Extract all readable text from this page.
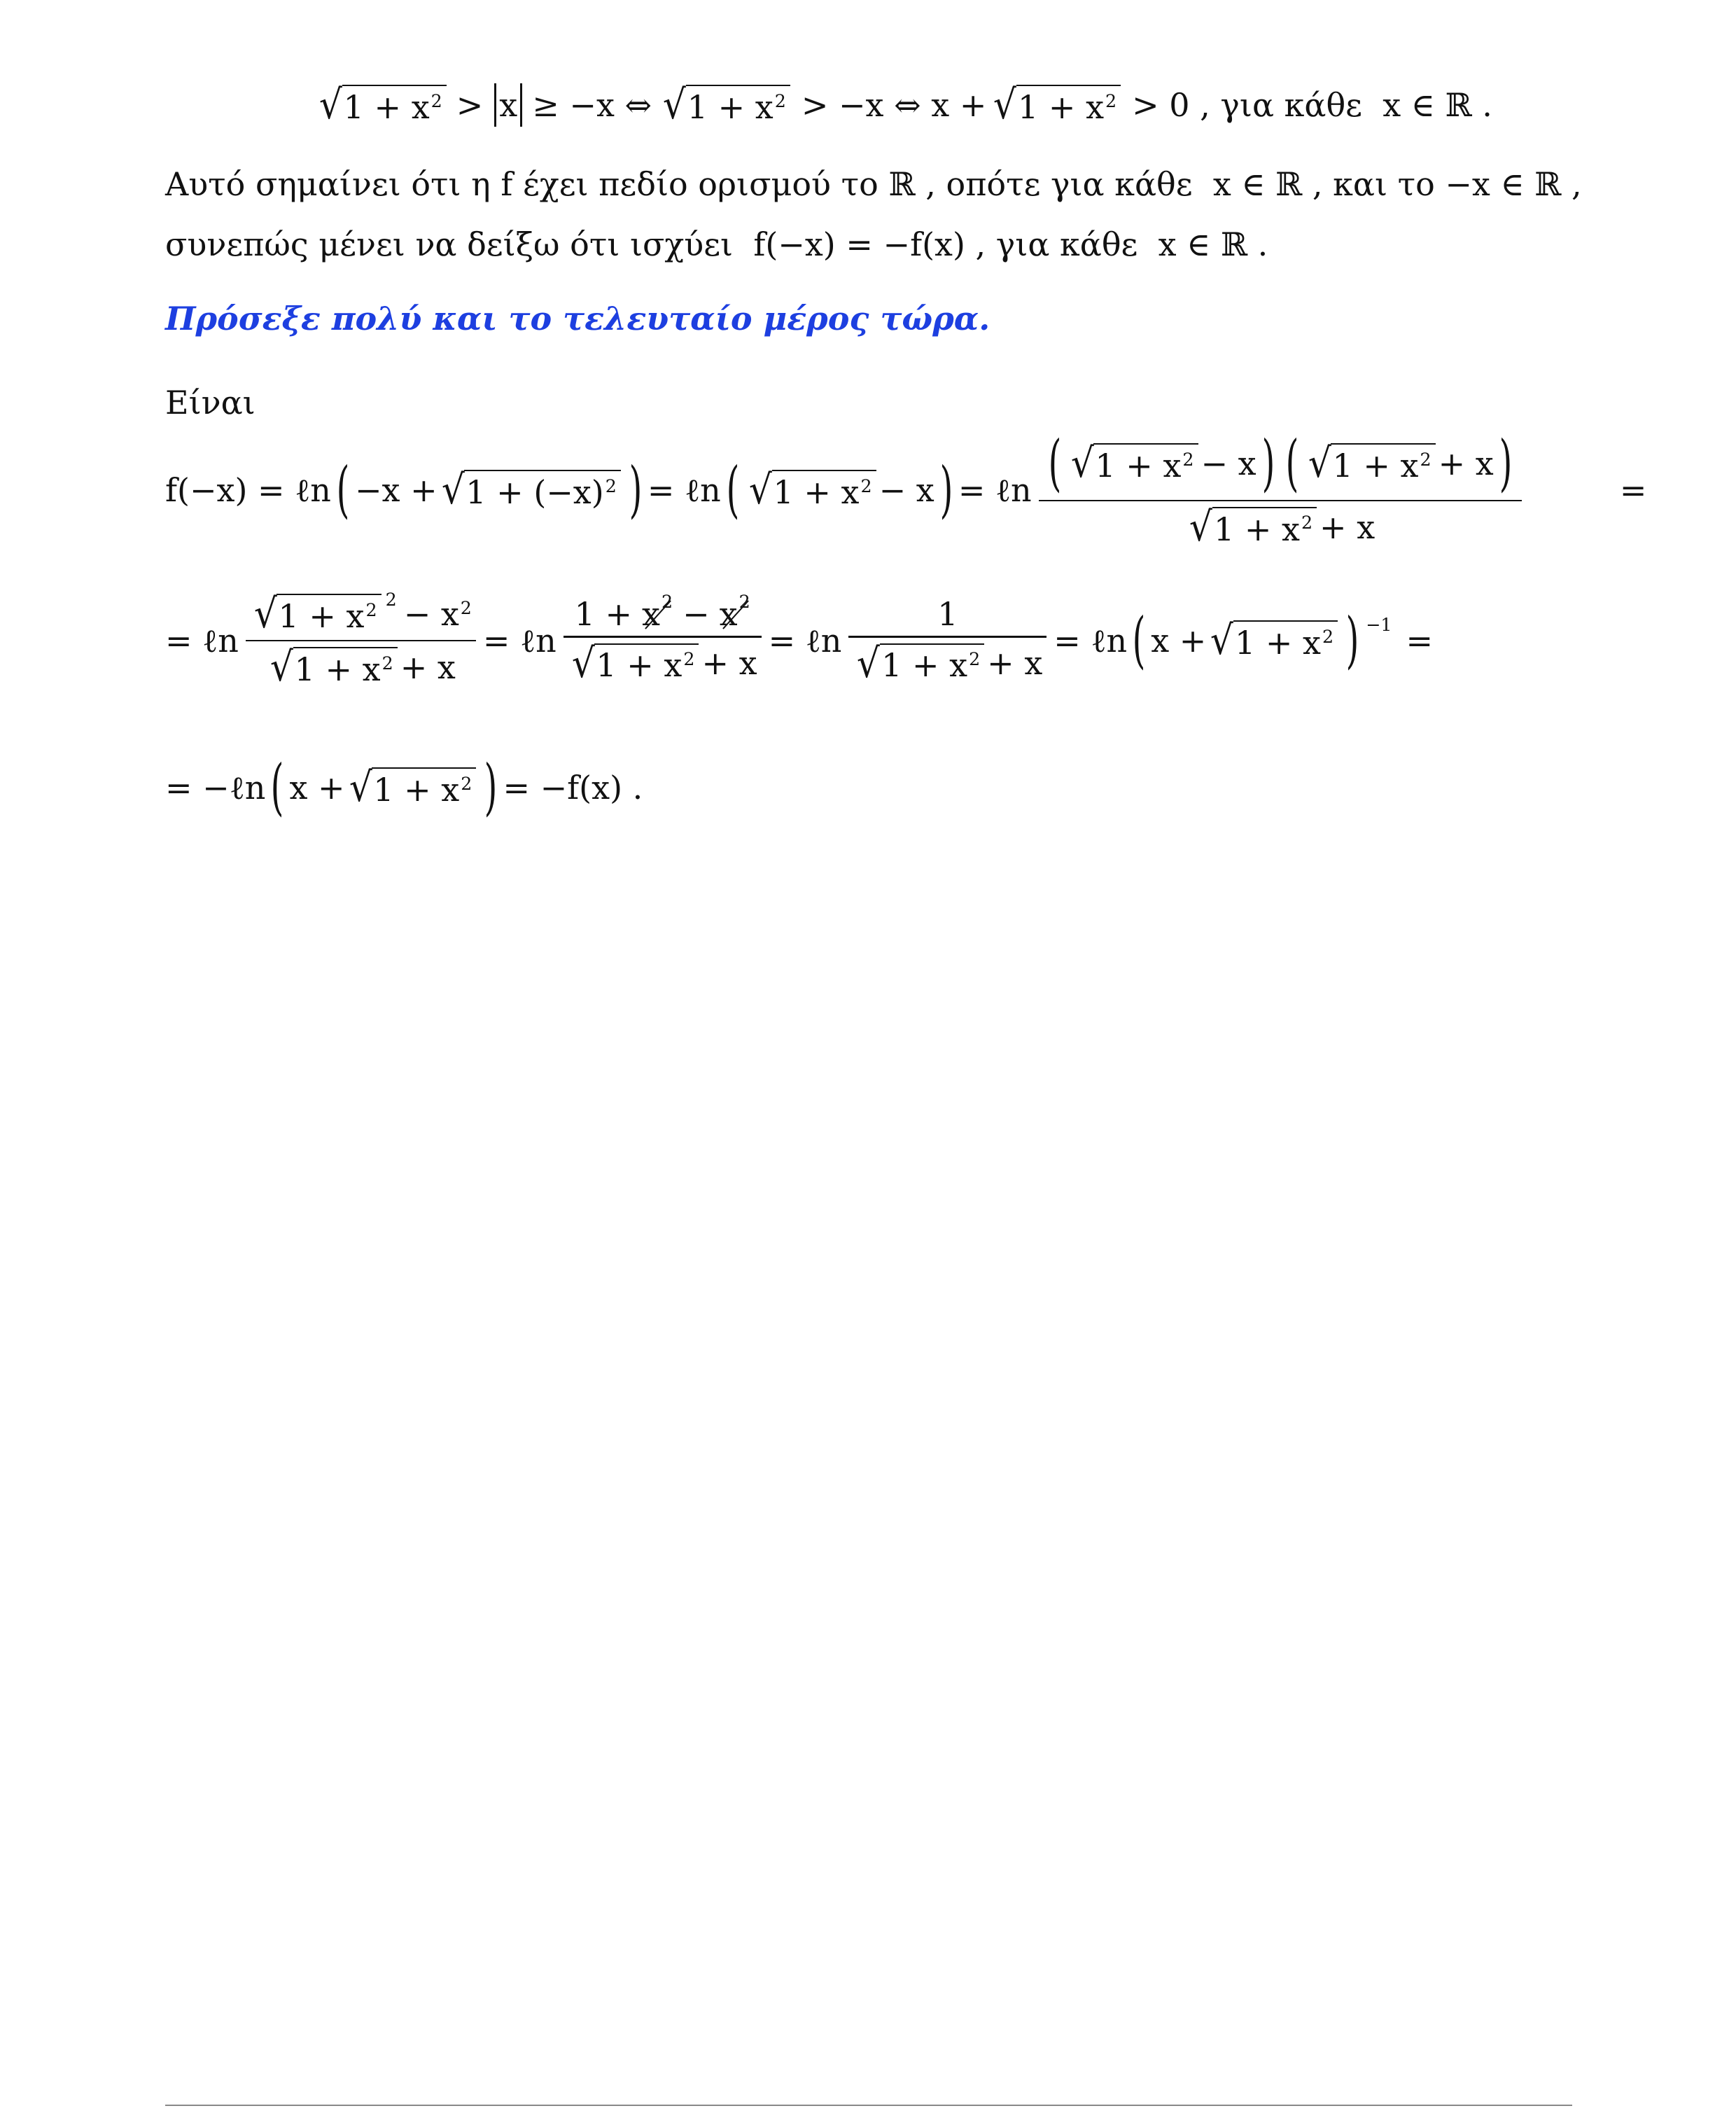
√ 1 + x 2 > x ≥ −x ⇔ √ 1 + x 2 > −x ⇔ x + √ 1 + x 2 > 0 , για κάθε  x ∈ ℝ .
Αυτό σημαίνει ότι η f έχει πεδίο ορισμού το ℝ , οπότε για κάθε  x ∈ ℝ , και το −x ∈ ℝ ,
συνεπώς μένει να δείξω ότι ισχύει  f(−x) = −f(x) , για κάθε  x ∈ ℝ .
Πρόσεξε πολύ και το τελευταίο μέρος τώρα.
Είναι
f(−x) = ℓn ( −x + √ 1 + (−x) 2 ) = ℓn ( √ 1 + x 2 − x ) = ℓn ( √ 1 + x 2 − x ) ( √ 1 + x 2 + x )
√ 1 + x 2 + x
=
= ℓn $\frac{√ 1 + x 2 2 - x 2}{√ 1 + x 2 + x}$ = ℓn $\frac{1 + x^2 - x^2}{√ 1 + x 2 + x}$ = ℓn $\frac{1}{√ 1 + x 2 + x}$ = ℓn ( x + √ 1 + x 2 ) −1 =
= −ℓn ( x + √ 1 + x 2 ) = −f(x) .
